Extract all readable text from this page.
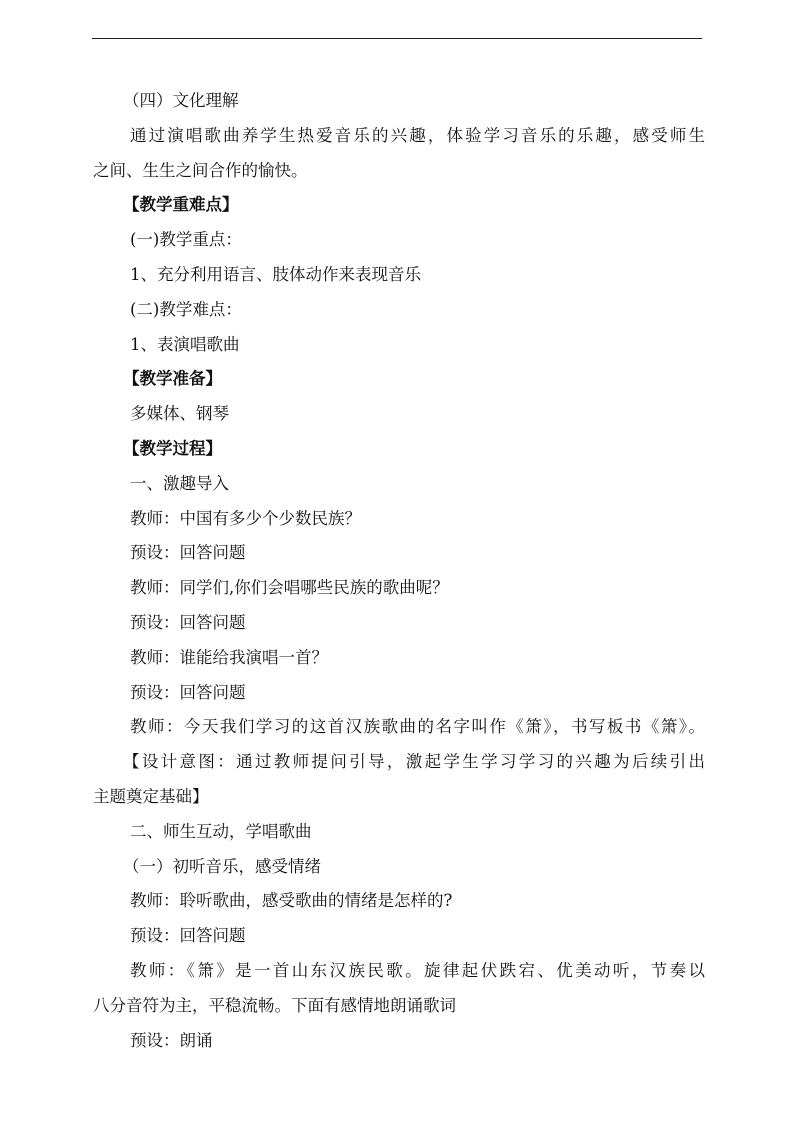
（四）文化理解
通过演唱歌曲养学生热爱音乐的兴趣，体验学习音乐的乐趣，感受师生
之间、生生之间合作的愉快。
【教学重难点】
(一)教学重点：
1、充分利用语言、肢体动作来表现音乐
(二)教学难点：
1、表演唱歌曲
【教学准备】
多媒体、钢琴
【教学过程】
一、激趣导入
教师：中国有多少个少数民族？
预设：回答问题
教师：同学们,你们会唱哪些民族的歌曲呢？
预设：回答问题
教师：谁能给我演唱一首？
预设：回答问题
教师：今天我们学习的这首汉族歌曲的名字叫作《箫》，书写板书《箫》。
【设计意图：通过教师提问引导，激起学生学习学习的兴趣为后续引出
主题奠定基础】
二、师生互动，学唱歌曲
（一）初听音乐，感受情绪
教师：聆听歌曲，感受歌曲的情绪是怎样的?
预设：回答问题
教师：《箫》是一首山东汉族民歌。旋律起伏跌宕、优美动听，节奏以
八分音符为主，平稳流畅。下面有感情地朗诵歌词
预设：朗诵
